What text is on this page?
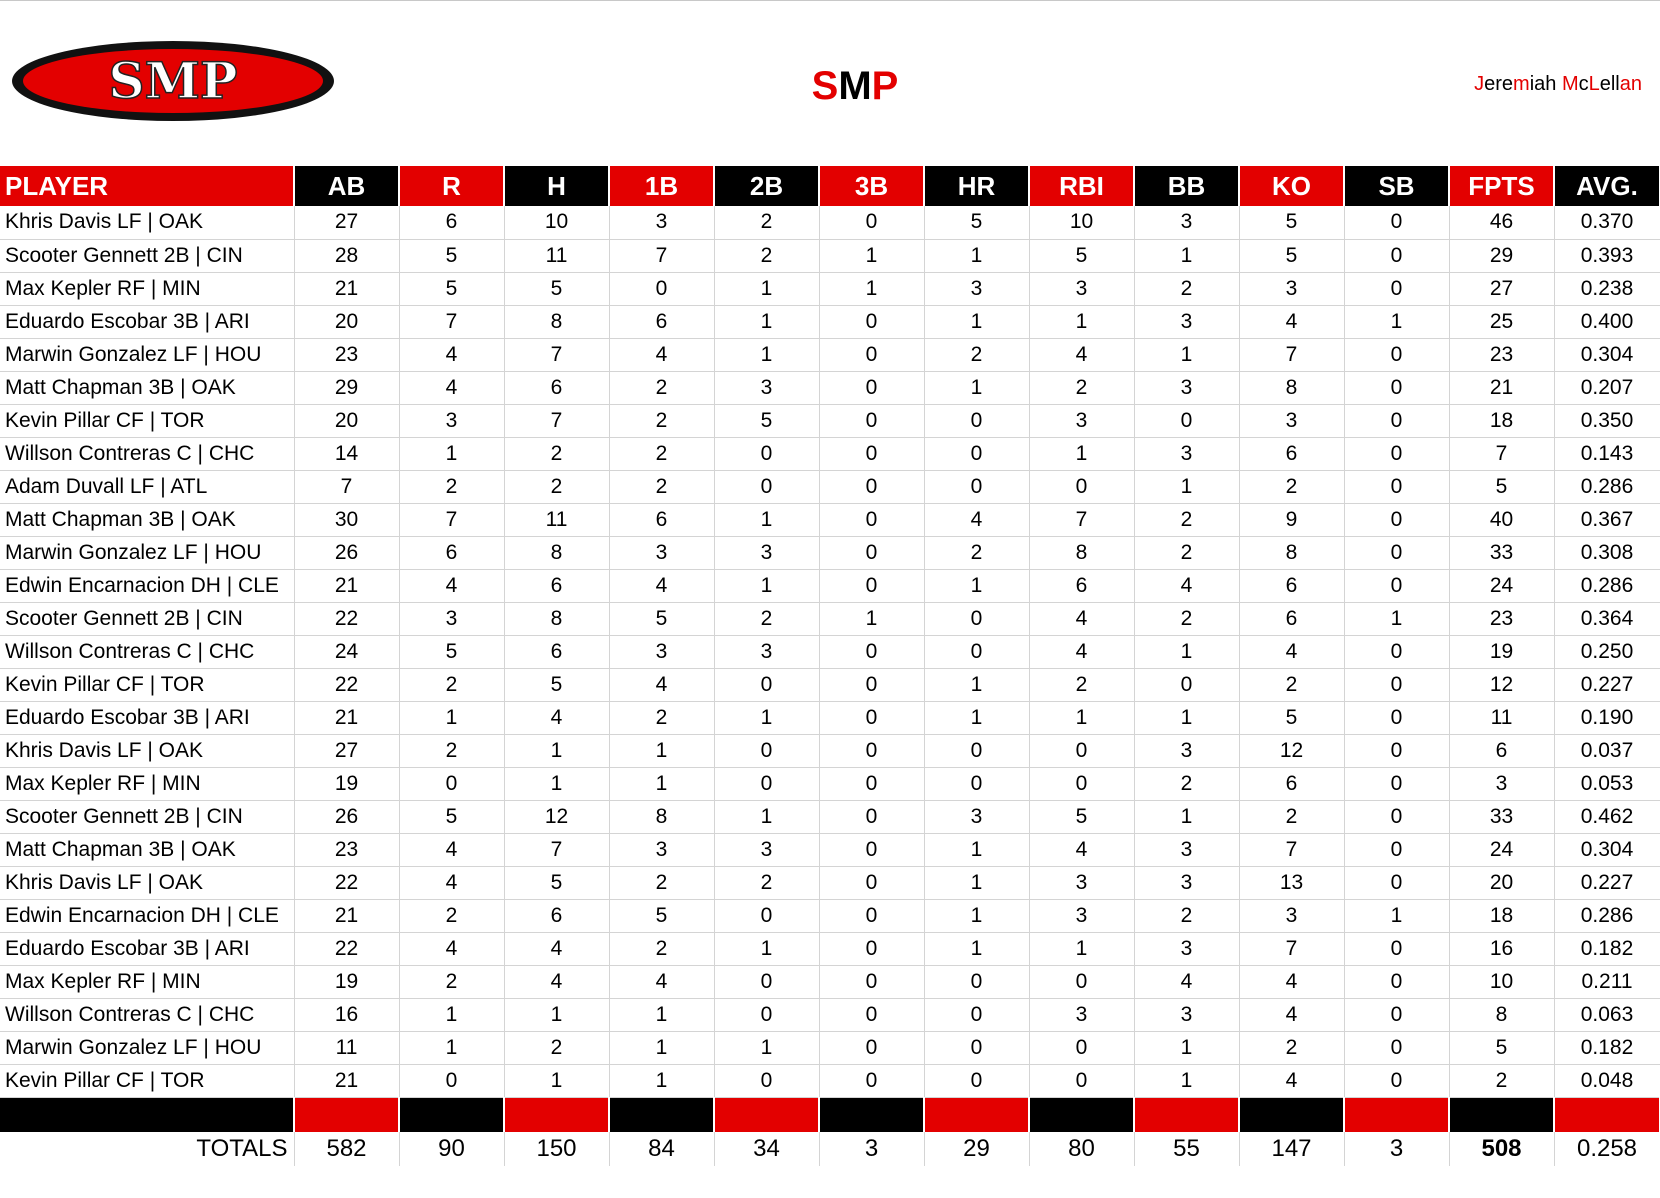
SMP	SMP	Jeremiah McLellan
PLAYER	AB	R	H	1B	2B	3B	HR	RBI	BB	KO	SB	FPTS	AVG.
Khris Davis LF | OAK	27	6	10	3	2	0	5	10	3	5	0	46	0.370
Scooter Gennett 2B | CIN	28	5	11	7	2	1	1	5	1	5	0	29	0.393
Max Kepler RF | MIN	21	5	5	0	1	1	3	3	2	3	0	27	0.238
Eduardo Escobar 3B | ARI	20	7	8	6	1	0	1	1	3	4	1	25	0.400
Marwin Gonzalez LF | HOU	23	4	7	4	1	0	2	4	1	7	0	23	0.304
Matt Chapman 3B | OAK	29	4	6	2	3	0	1	2	3	8	0	21	0.207
Kevin Pillar CF | TOR	20	3	7	2	5	0	0	3	0	3	0	18	0.350
Willson Contreras C | CHC	14	1	2	2	0	0	0	1	3	6	0	7	0.143
Adam Duvall LF | ATL	7	2	2	2	0	0	0	0	1	2	0	5	0.286
Matt Chapman 3B | OAK	30	7	11	6	1	0	4	7	2	9	0	40	0.367
Marwin Gonzalez LF | HOU	26	6	8	3	3	0	2	8	2	8	0	33	0.308
Edwin Encarnacion DH | CLE	21	4	6	4	1	0	1	6	4	6	0	24	0.286
Scooter Gennett 2B | CIN	22	3	8	5	2	1	0	4	2	6	1	23	0.364
Willson Contreras C | CHC	24	5	6	3	3	0	0	4	1	4	0	19	0.250
Kevin Pillar CF | TOR	22	2	5	4	0	0	1	2	0	2	0	12	0.227
Eduardo Escobar 3B | ARI	21	1	4	2	1	0	1	1	1	5	0	11	0.190
Khris Davis LF | OAK	27	2	1	1	0	0	0	0	3	12	0	6	0.037
Max Kepler RF | MIN	19	0	1	1	0	0	0	0	2	6	0	3	0.053
Scooter Gennett 2B | CIN	26	5	12	8	1	0	3	5	1	2	0	33	0.462
Matt Chapman 3B | OAK	23	4	7	3	3	0	1	4	3	7	0	24	0.304
Khris Davis LF | OAK	22	4	5	2	2	0	1	3	3	13	0	20	0.227
Edwin Encarnacion DH | CLE	21	2	6	5	0	0	1	3	2	3	1	18	0.286
Eduardo Escobar 3B | ARI	22	4	4	2	1	0	1	1	3	7	0	16	0.182
Max Kepler RF | MIN	19	2	4	4	0	0	0	0	4	4	0	10	0.211
Willson Contreras C | CHC	16	1	1	1	0	0	0	3	3	4	0	8	0.063
Marwin Gonzalez LF | HOU	11	1	2	1	1	0	0	0	1	2	0	5	0.182
Kevin Pillar CF | TOR	21	0	1	1	0	0	0	0	1	4	0	2	0.048

TOTALS	582	90	150	84	34	3	29	80	55	147	3	508	0.258
